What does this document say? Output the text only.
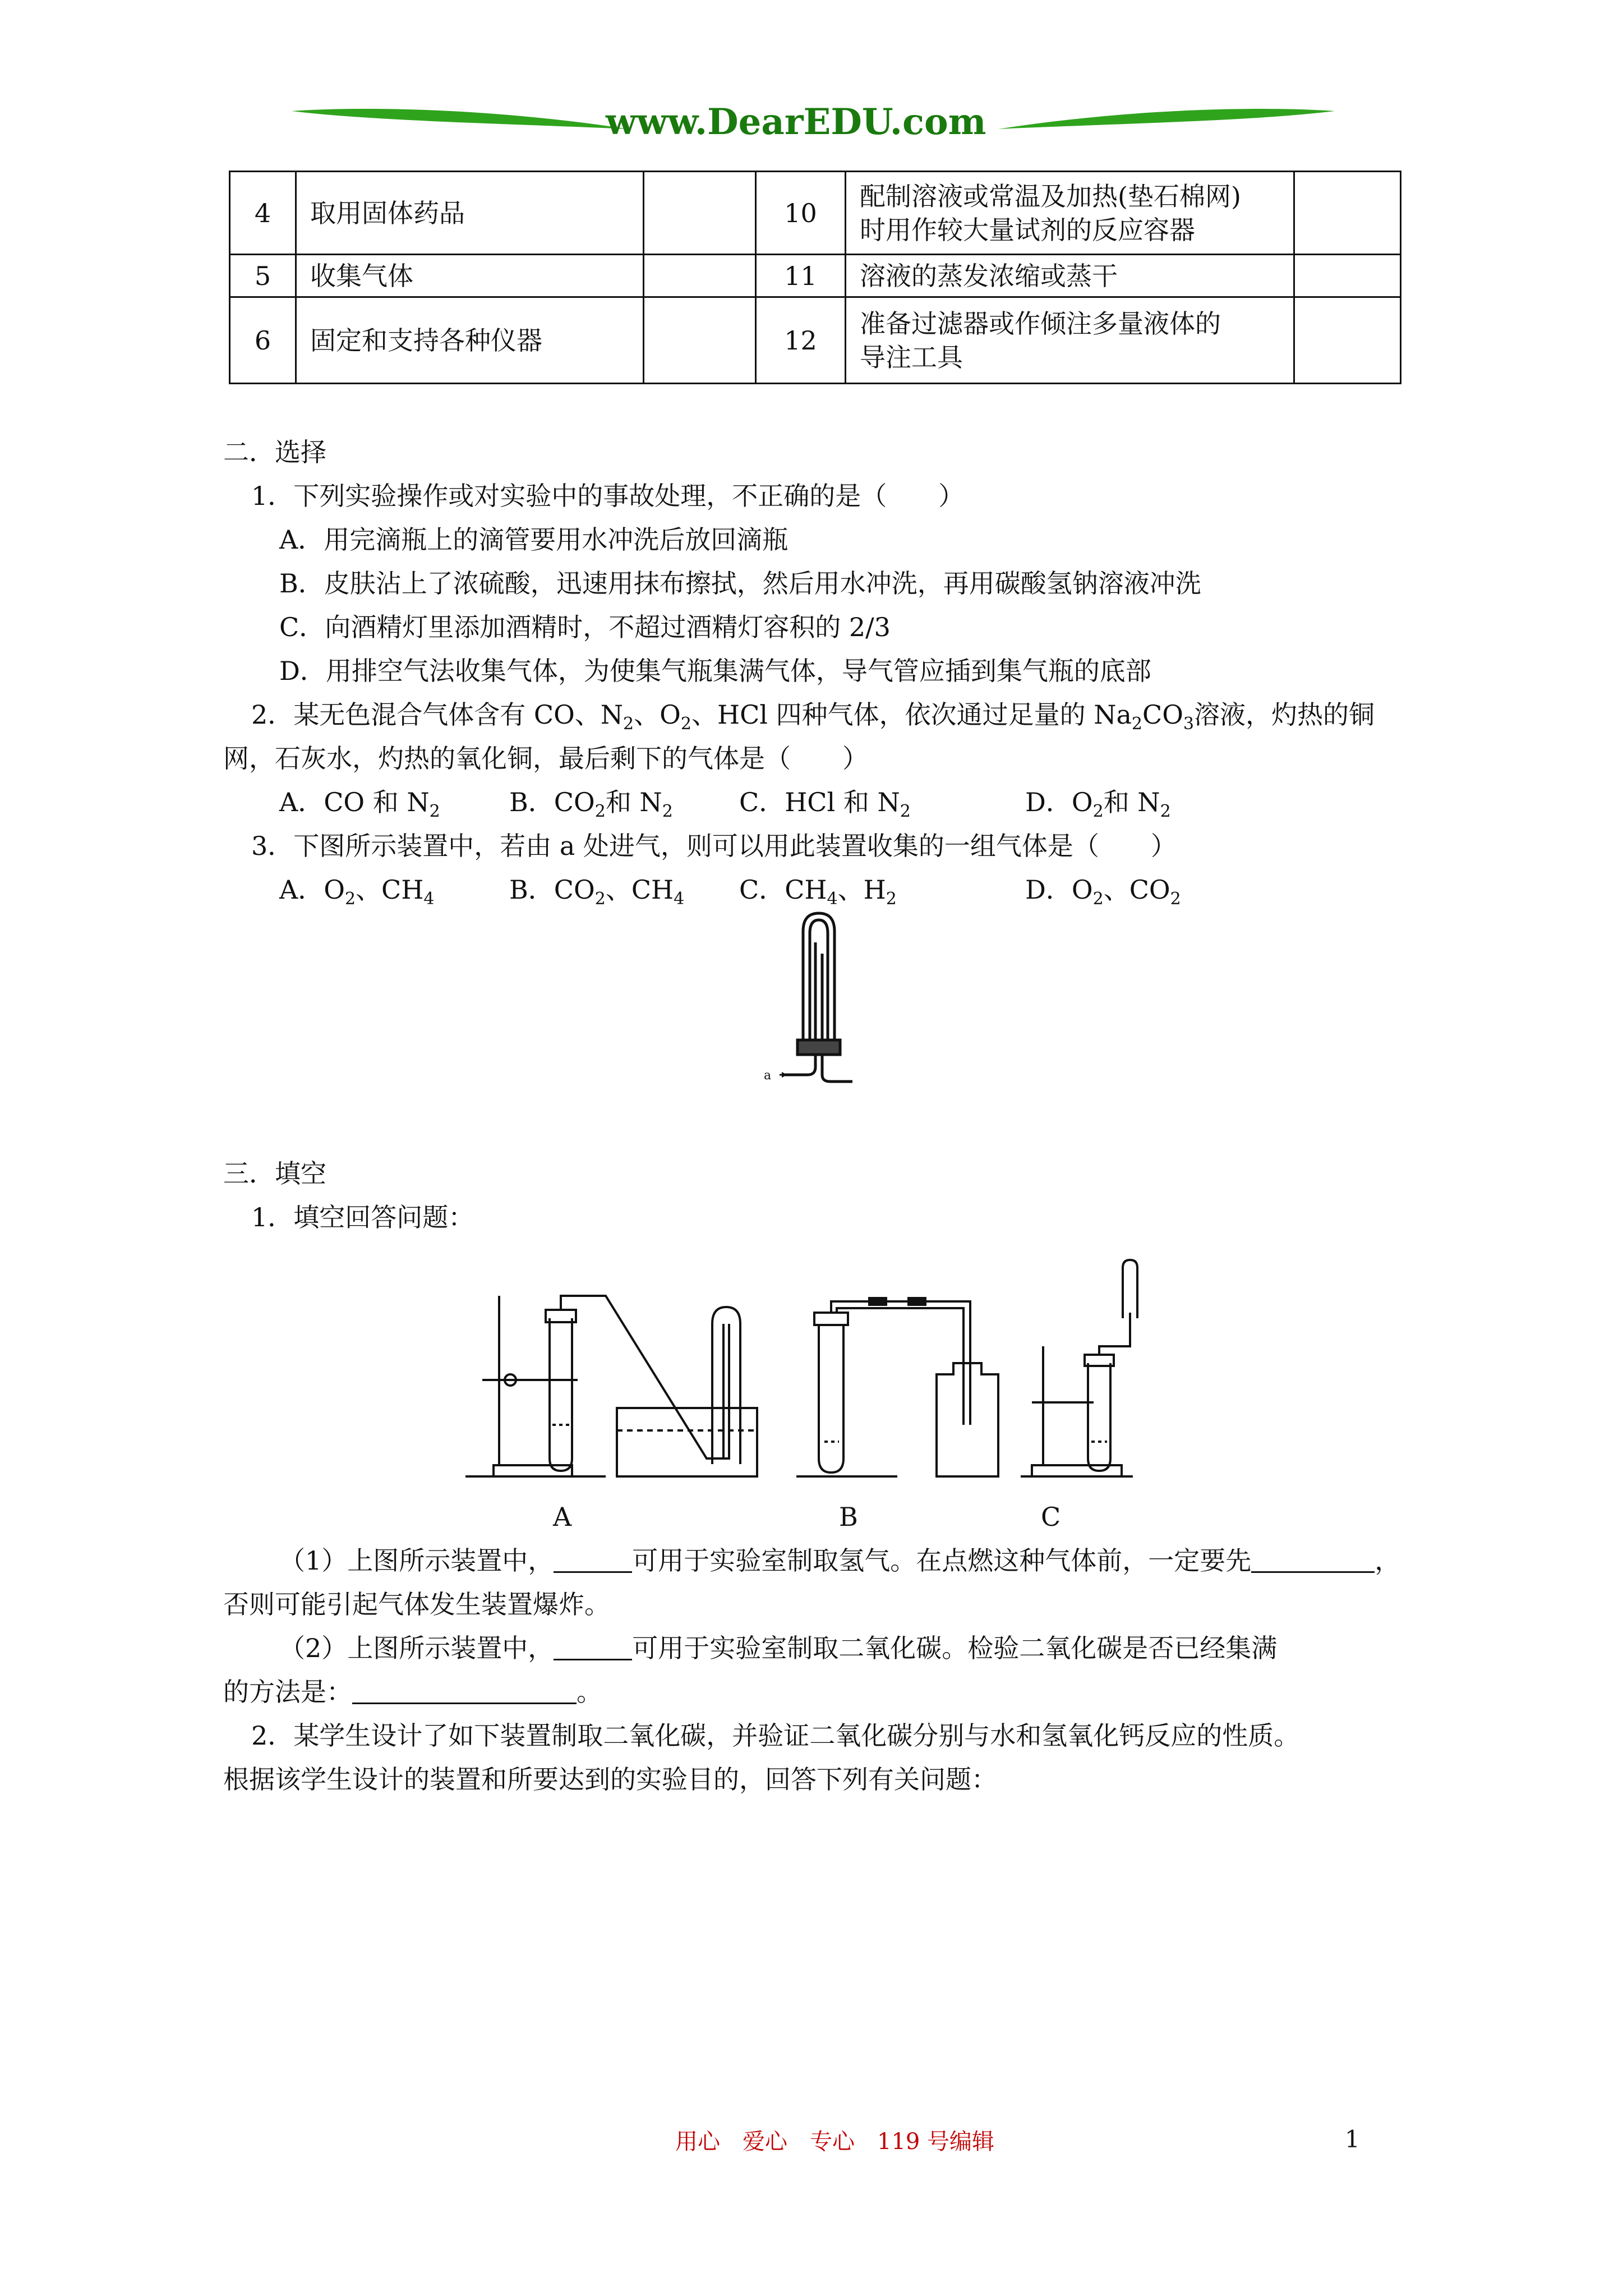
www.DearEDU.com
4	取用固体药品		10	配制溶液或常温及加热(垫石棉网)
时用作较大量试剂的反应容器	

5	收集气体		11	溶液的蒸发浓缩或蒸干	
6	固定和支持各种仪器		12	准备过滤器或作倾注多量液体的
导注工具	

二．选择
1．下列实验操作或对实验中的事故处理，不正确的是（　　）
A．用完滴瓶上的滴管要用水冲洗后放回滴瓶
B．皮肤沾上了浓硫酸，迅速用抹布擦拭，然后用水冲洗，再用碳酸氢钠溶液冲洗
C．向酒精灯里添加酒精时，不超过酒精灯容积的 2/3
D．用排空气法收集气体，为使集气瓶集满气体，导气管应插到集气瓶的底部
2．某无色混合气体含有 CO、$N_2$、$O_2$、HCl 四种气体，依次通过足量的 $Na_2CO_3$溶液，灼热的铜
网，石灰水，灼热的氧化铜，最后剩下的气体是（　　）
A．CO 和 $N_2$	B．$CO_2$和 $N_2$	C．HCl 和 $N_2$	D．$O_2$和 $N_2$
3．下图所示装置中，若由 a 处进气，则可以用此装置收集的一组气体是（　　）
A．$O_2$、$CH_4$	B．$CO_2$、$CH_4$ C．$CH_4$、$H_2$	D．$O_2$、$CO_2$
a
三．填空
1．填空回答问题：
A	B	C
（1）上图所示装置中，	可用于实验室制取氢气。在点燃这种气体前，一定要先	，
否则可能引起气体发生装置爆炸。
（2）上图所示装置中，	可用于实验室制取二氧化碳。检验二氧化碳是否已经集满
的方法是：	。
2．某学生设计了如下装置制取二氧化碳，并验证二氧化碳分别与水和氢氧化钙反应的性质。
根据该学生设计的装置和所要达到的实验目的，回答下列有关问题：
用心　爱心　专心　119 号编辑	1
